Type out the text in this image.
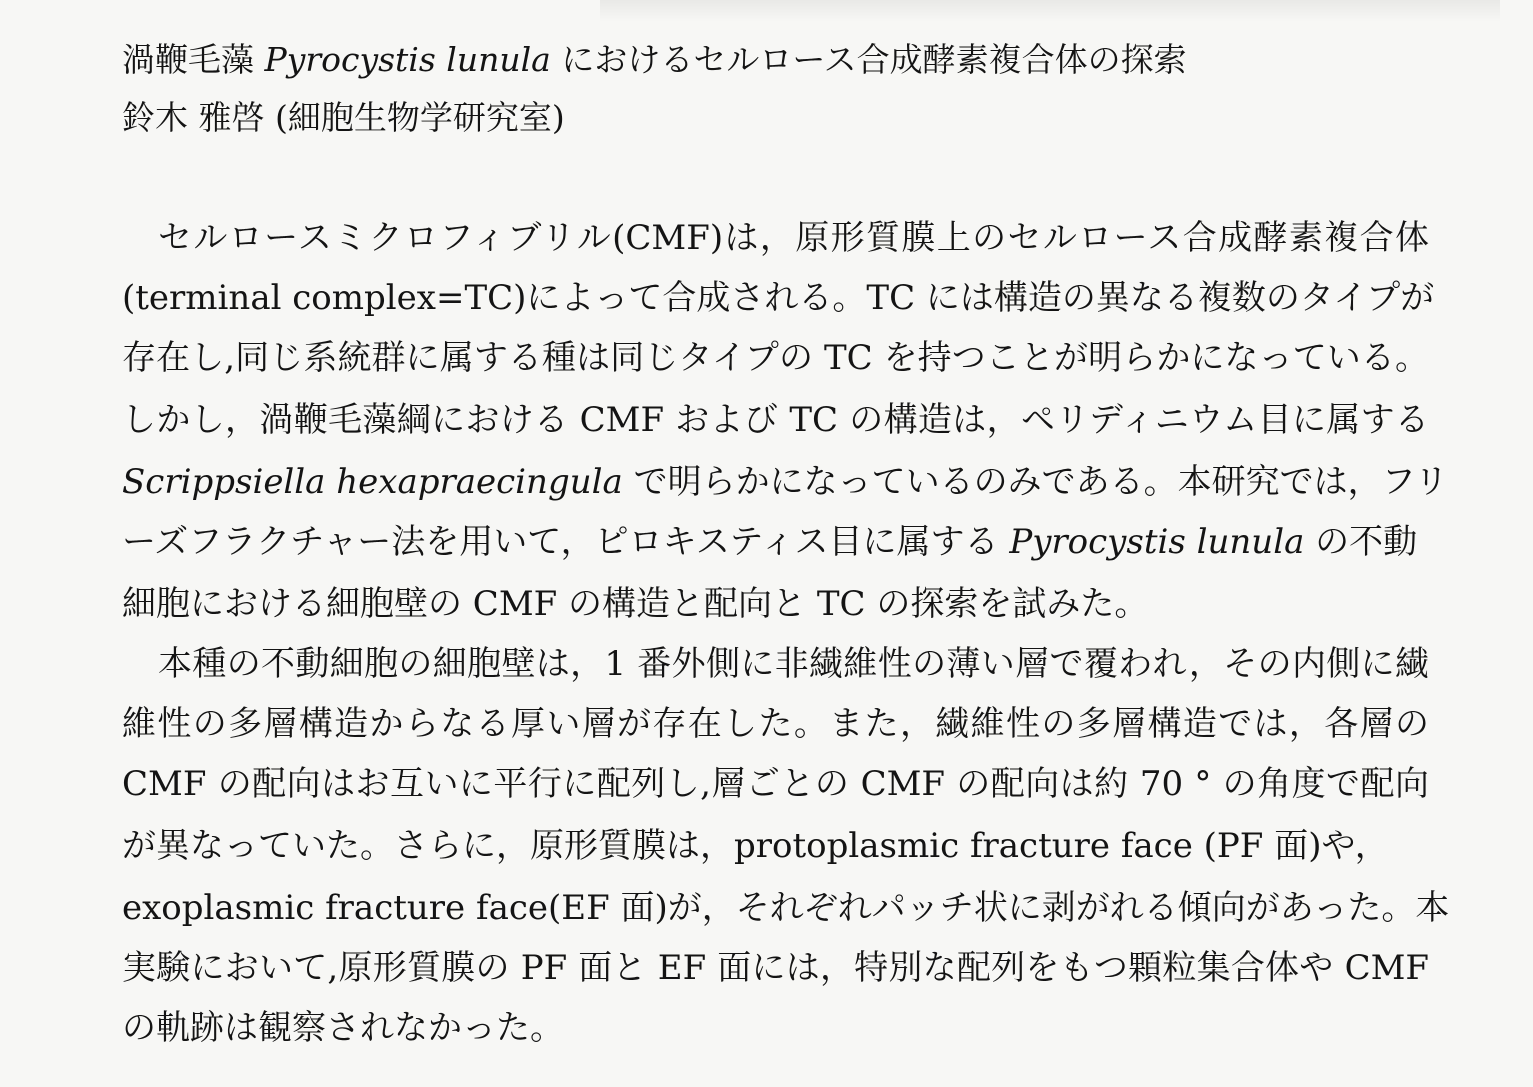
渦鞭毛藻 Pyrocystis lunula におけるセルロース合成酵素複合体の探索
鈴木 雅啓 (細胞生物学研究室)
セルロースミクロフィブリル(CMF)は，原形質膜上のセルロース合成酵素複合体
(terminal complex=TC)によって合成される。TC には構造の異なる複数のタイプが
存在し,同じ系統群に属する種は同じタイプの TC を持つことが明らかになっている。
しかし，渦鞭毛藻綱における CMF および TC の構造は，ペリディニウム目に属する
Scrippsiella hexapraecingula で明らかになっているのみである。本研究では，フリ
ーズフラクチャー法を用いて，ピロキスティス目に属する Pyrocystis lunula の不動
細胞における細胞壁の CMF の構造と配向と TC の探索を試みた。
本種の不動細胞の細胞壁は，1 番外側に非繊維性の薄い層で覆われ，その内側に繊
維性の多層構造からなる厚い層が存在した。また，繊維性の多層構造では，各層の
CMF の配向はお互いに平行に配列し,層ごとの CMF の配向は約 70 ° の角度で配向
が異なっていた。さらに，原形質膜は，protoplasmic fracture face (PF 面)や，
exoplasmic fracture face(EF 面)が，それぞれパッチ状に剥がれる傾向があった。本
実験において,原形質膜の PF 面と EF 面には，特別な配列をもつ顆粒集合体や CMF
の軌跡は観察されなかった。
